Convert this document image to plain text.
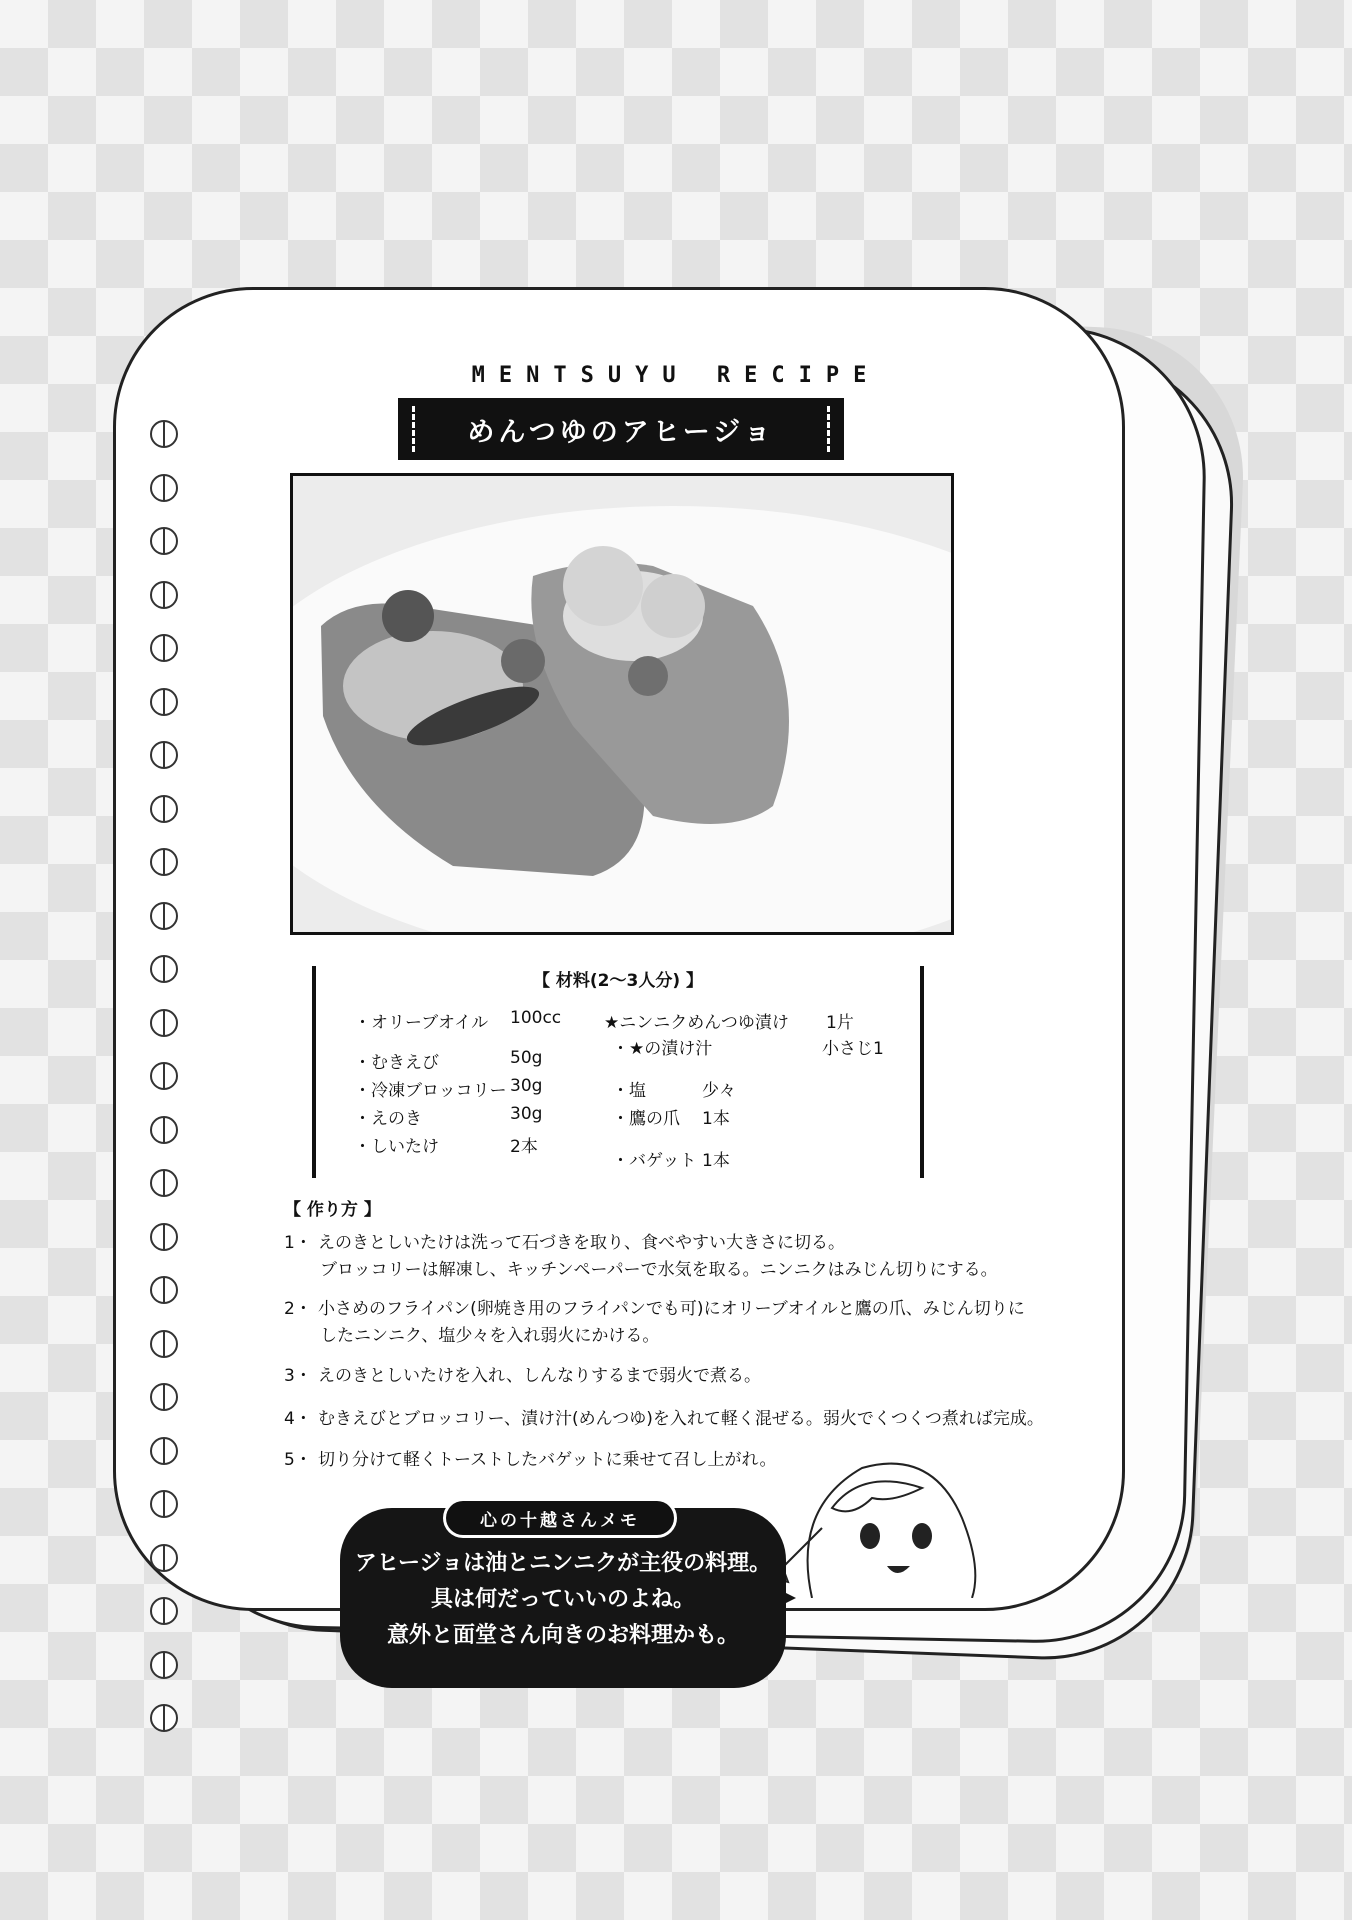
MENTSUYU RECIPE
めんつゆのアヒージョ
【 材料(2〜3人分) 】
・オリーブオイル 100cc
・むきえび	50g
・冷凍ブロッコリー 30g
・えのき	30g
・しいたけ	2本
★ニンニクめんつゆ漬け 1片
・★の漬け汁	小さじ1
・塩	少々
・鷹の爪 1本
・バゲット 1本
【 作り方 】
1・ えのきとしいたけは洗って石づきを取り、食べやすい大きさに切る。
ブロッコリーは解凍し、キッチンペーパーで水気を取る。ニンニクはみじん切りにする。
2・ 小さめのフライパン(卵焼き用のフライパンでも可)にオリーブオイルと鷹の爪、みじん切りに
したニンニク、塩少々を入れ弱火にかける。
3・ えのきとしいたけを入れ、しんなりするまで弱火で煮る。
4・ むきえびとブロッコリー、漬け汁(めんつゆ)を入れて軽く混ぜる。弱火でくつくつ煮れば完成。
5・ 切り分けて軽くトーストしたバゲットに乗せて召し上がれ。
心の十越さんメモ
アヒージョは油とニンニクが主役の料理。
具は何だっていいのよね。
意外と面堂さん向きのお料理かも。
